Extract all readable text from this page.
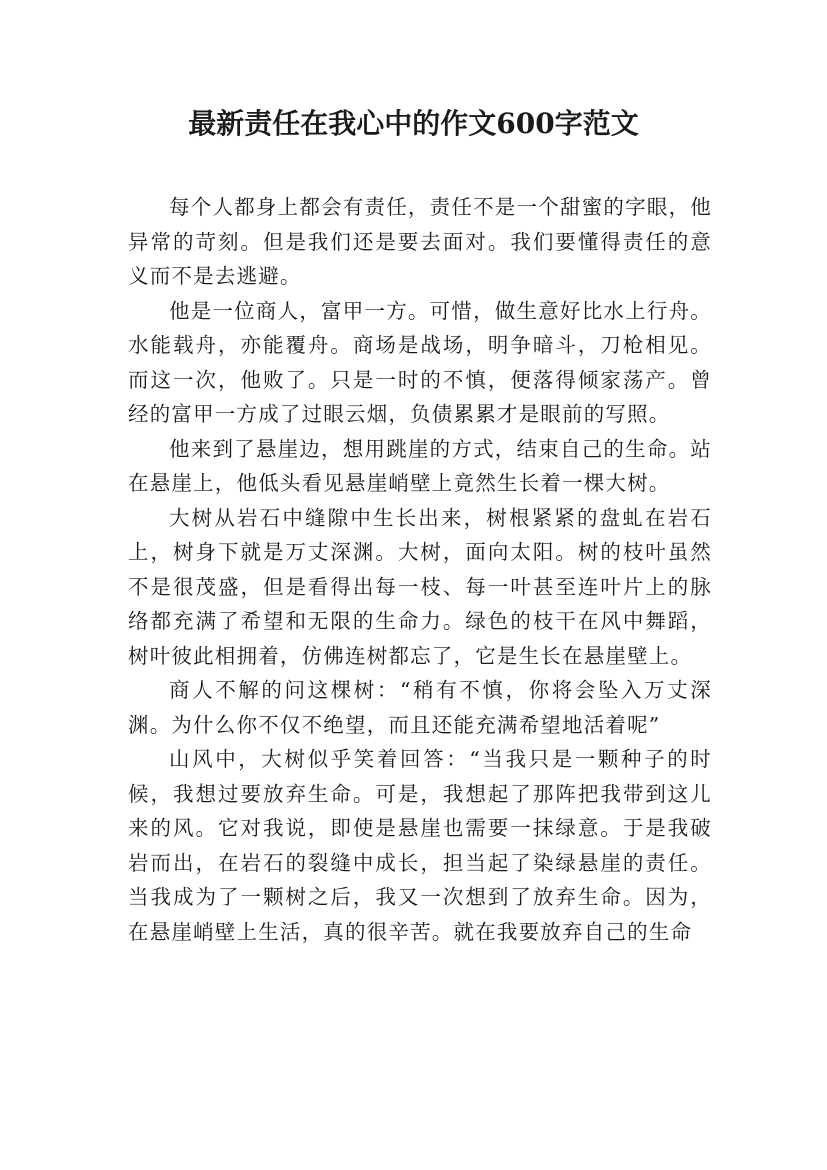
最新责任在我心中的作文600字范文

每个人都身上都会有责任，责任不是一个甜蜜的字眼，他异常的苛刻。但是我们还是要去面对。我们要懂得责任的意义而不是去逃避。

他是一位商人，富甲一方。可惜，做生意好比水上行舟。水能载舟，亦能覆舟。商场是战场，明争暗斗，刀枪相见。而这一次，他败了。只是一时的不慎，便落得倾家荡产。曾经的富甲一方成了过眼云烟，负债累累才是眼前的写照。

他来到了悬崖边，想用跳崖的方式，结束自己的生命。站在悬崖上，他低头看见悬崖峭壁上竟然生长着一棵大树。

大树从岩石中缝隙中生长出来，树根紧紧的盘虬在岩石上，树身下就是万丈深渊。大树，面向太阳。树的枝叶虽然不是很茂盛，但是看得出每一枝、每一叶甚至连叶片上的脉络都充满了希望和无限的生命力。绿色的枝干在风中舞蹈，树叶彼此相拥着，仿佛连树都忘了，它是生长在悬崖壁上。

商人不解的问这棵树：“稍有不慎，你将会坠入万丈深渊。为什么你不仅不绝望，而且还能充满希望地活着呢”

山风中，大树似乎笑着回答：“当我只是一颗种子的时候，我想过要放弃生命。可是，我想起了那阵把我带到这儿来的风。它对我说，即使是悬崖也需要一抹绿意。于是我破岩而出，在岩石的裂缝中成长，担当起了染绿悬崖的责任。当我成为了一颗树之后，我又一次想到了放弃生命。因为，在悬崖峭壁上生活，真的很辛苦。就在我要放弃自己的生命
